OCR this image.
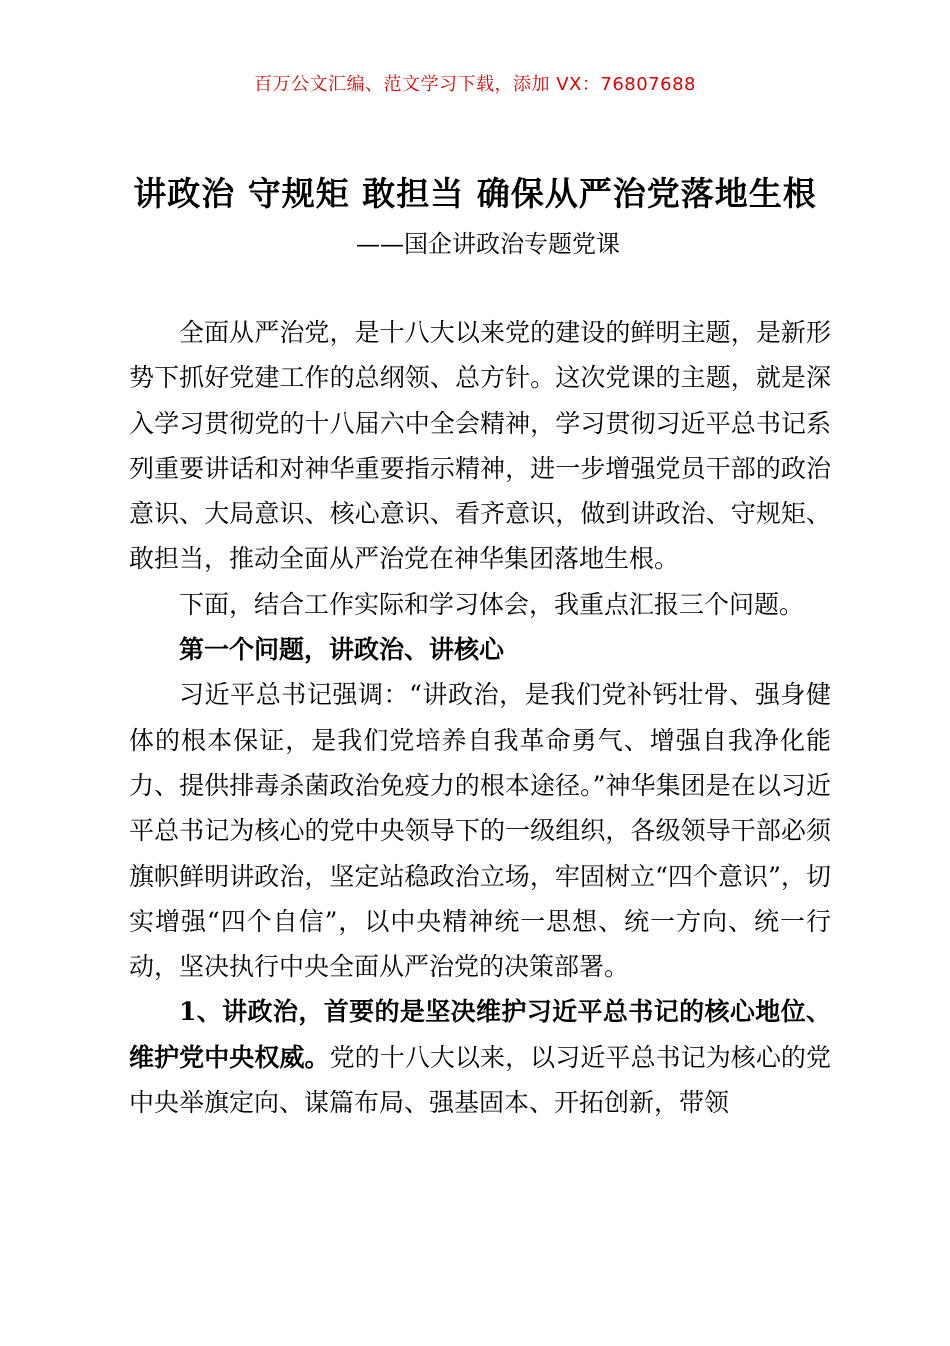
百万公文汇编、范文学习下载，添加 VX：76807688
讲政治 守规矩 敢担当 确保从严治党落地生根
——国企讲政治专题党课

全面从严治党，是十八大以来党的建设的鲜明主题，是新形势下抓好党建工作的总纲领、总方针。这次党课的主题，就是深入学习贯彻党的十八届六中全会精神，学习贯彻习近平总书记系列重要讲话和对神华重要指示精神，进一步增强党员干部的政治意识、大局意识、核心意识、看齐意识，做到讲政治、守规矩、敢担当，推动全面从严治党在神华集团落地生根。

下面，结合工作实际和学习体会，我重点汇报三个问题。

第一个问题，讲政治、讲核心

习近平总书记强调：“讲政治，是我们党补钙壮骨、强身健体的根本保证，是我们党培养自我革命勇气、增强自我净化能力、提供排毒杀菌政治免疫力的根本途径。”神华集团是在以习近平总书记为核心的党中央领导下的一级组织，各级领导干部必须旗帜鲜明讲政治，坚定站稳政治立场，牢固树立“四个意识”，切实增强“四个自信”，以中央精神统一思想、统一方向、统一行动，坚决执行中央全面从严治党的决策部署。

1、讲政治，首要的是坚决维护习近平总书记的核心地位、维护党中央权威。党的十八大以来，以习近平总书记为核心的党中央举旗定向、谋篇布局、强基固本、开拓创新，带领
